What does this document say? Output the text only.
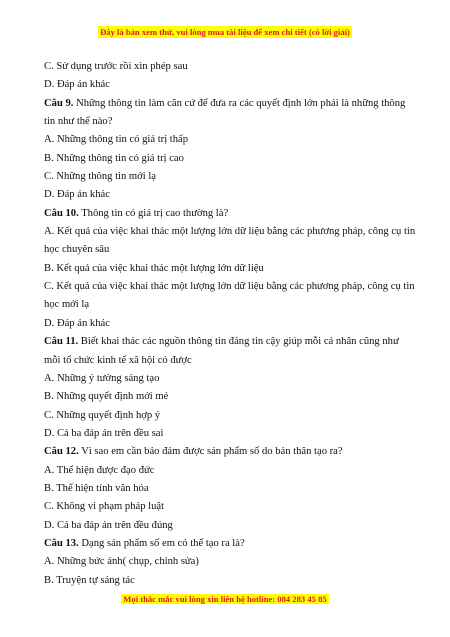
Đây là bản xem thử, vui lòng mua tài liệu để xem chi tiết (có lời giải)
C. Sử dụng trước rồi xin phép sau
D. Đáp án khác
Câu 9. Những thông tin làm căn cứ để đưa ra các quyết định lớn phải là những thông tin như thế nào?
A. Những thông tin có giá trị thấp
B. Những thông tin có giá trị cao
C. Những thông tin mới lạ
D. Đáp án khác
Câu 10. Thông tin có giá trị cao thường là?
A. Kết quả của việc khai thác một lượng lớn dữ liệu bằng các phương pháp, công cụ tin học chuyên sâu
B. Kết quả của việc khai thác một lượng lớn dữ liệu
C. Kết quả của việc khai thác một lượng lớn dữ liệu bằng các phương pháp, công cụ tin học mới lạ
D. Đáp án khác
Câu 11. Biết khai thác các nguồn thông tin đáng tin cậy giúp mỗi cá nhân cũng như mỗi tổ chức kinh tế xã hội có được
A. Những ý tưởng sáng tạo
B. Những quyết định mới mẻ
C. Những quyết định hợp ý
D. Cả ba đáp án trên đều sai
Câu 12. Vì sao em cần bảo đảm được sản phẩm số do bản thân tạo ra?
A. Thể hiện được đạo đức
B. Thể hiện tính văn hóa
C. Không vi phạm pháp luật
D. Cả ba đáp án trên đều đúng
Câu 13. Dạng sản phẩm số em có thể tạo ra là?
A. Những bức ảnh( chụp, chỉnh sửa)
B. Truyện tự sáng tác
Mọi thắc mắc vui lòng xin liên hệ hotline: 084 283 45 85
